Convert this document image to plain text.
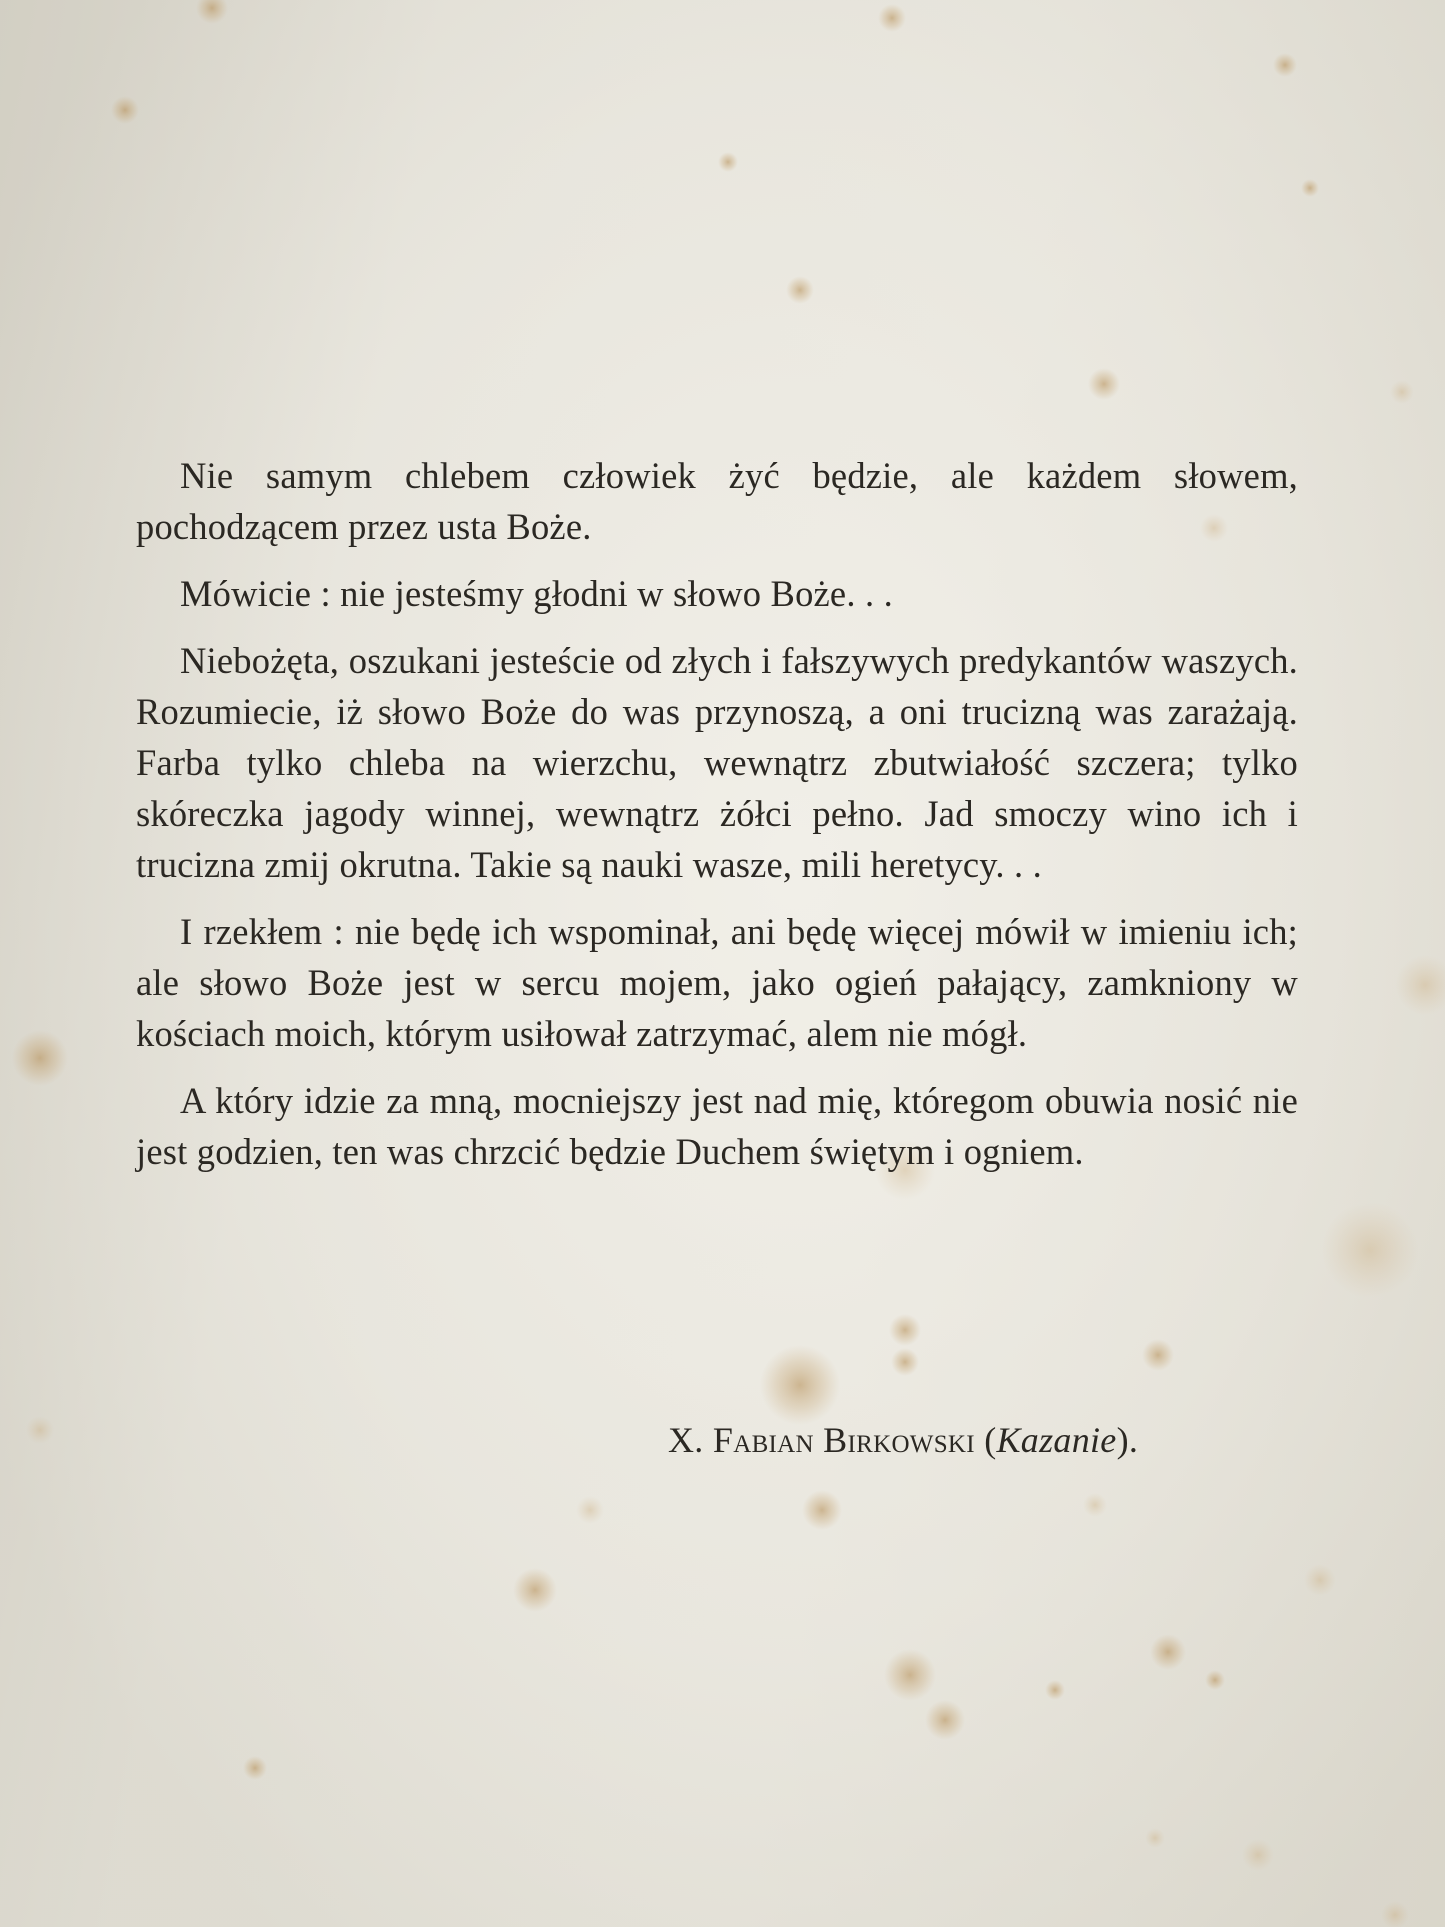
Nie samym chlebem człowiek żyć będzie, ale każdem słowem, pochodzącem przez usta Boże.

Mówicie : nie jesteśmy głodni w słowo Boże. . .

Niebożęta, oszukani jesteście od złych i fałszywych predykantów waszych. Rozumiecie, iż słowo Boże do was przynoszą, a oni trucizną was zarażają. Farba tylko chleba na wierzchu, wewnątrz zbutwiałość szczera; tylko skóreczka jagody winnej, wewnątrz żółci pełno. Jad smoczy wino ich i trucizna zmij okrutna. Takie są nauki wasze, mili heretycy. . .

I rzekłem : nie będę ich wspominał, ani będę więcej mówił w imieniu ich; ale słowo Boże jest w sercu mojem, jako ogień pałający, zamkniony w kościach moich, którym usiłował zatrzymać, alem nie mógł.

A który idzie za mną, mocniejszy jest nad mię, któregom obuwia nosić nie jest godzien, ten was chrzcić będzie Duchem świętym i ogniem.

X. Fabian Birkowski (Kazanie).
